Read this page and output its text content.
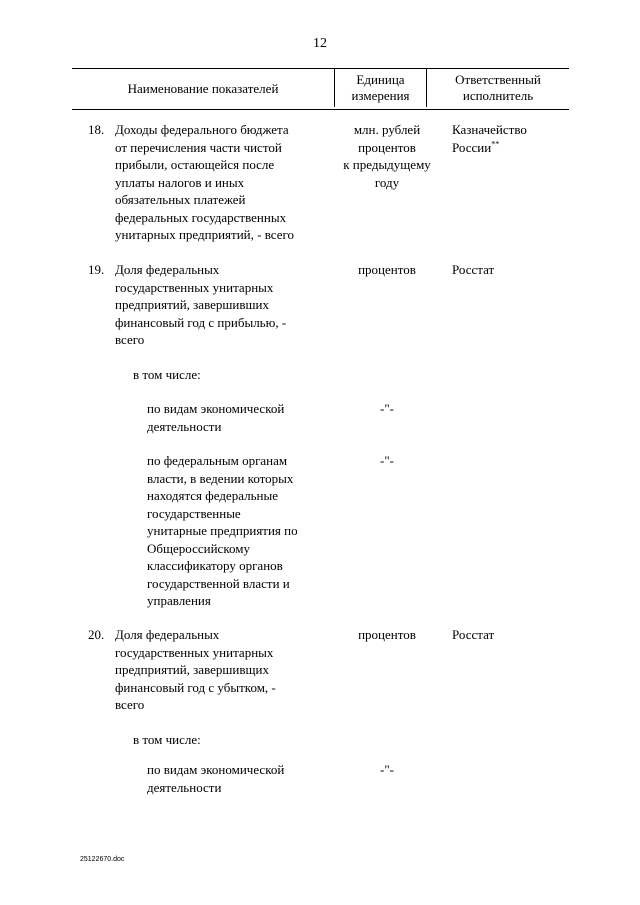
12
Наименование показателей
Единица
измерения
Ответственный
исполнитель
18. Доходы федерального бюджета
от перечисления части чистой
прибыли, остающейся после
уплаты налогов и иных
обязательных платежей
федеральных государственных
унитарных предприятий, - всего
млн. рублей
процентов
к предыдущему
году
Казначейство
России**
19. Доля федеральных
государственных унитарных
предприятий, завершивших
финансовый год с прибылью, -
всего
процентов	Росстат
в том числе:
по видам экономической
деятельности
-"-
по федеральным органам
власти, в ведении которых
находятся федеральные
государственные
унитарные предприятия по
Общероссийскому
классификатору органов
государственной власти и
управления
-"-
20. Доля федеральных
государственных унитарных
предприятий, завершивщих
финансовый год с убытком, -
всего
процентов	Росстат
в том числе:
по видам экономической
деятельности
-"-
25122670.doc
